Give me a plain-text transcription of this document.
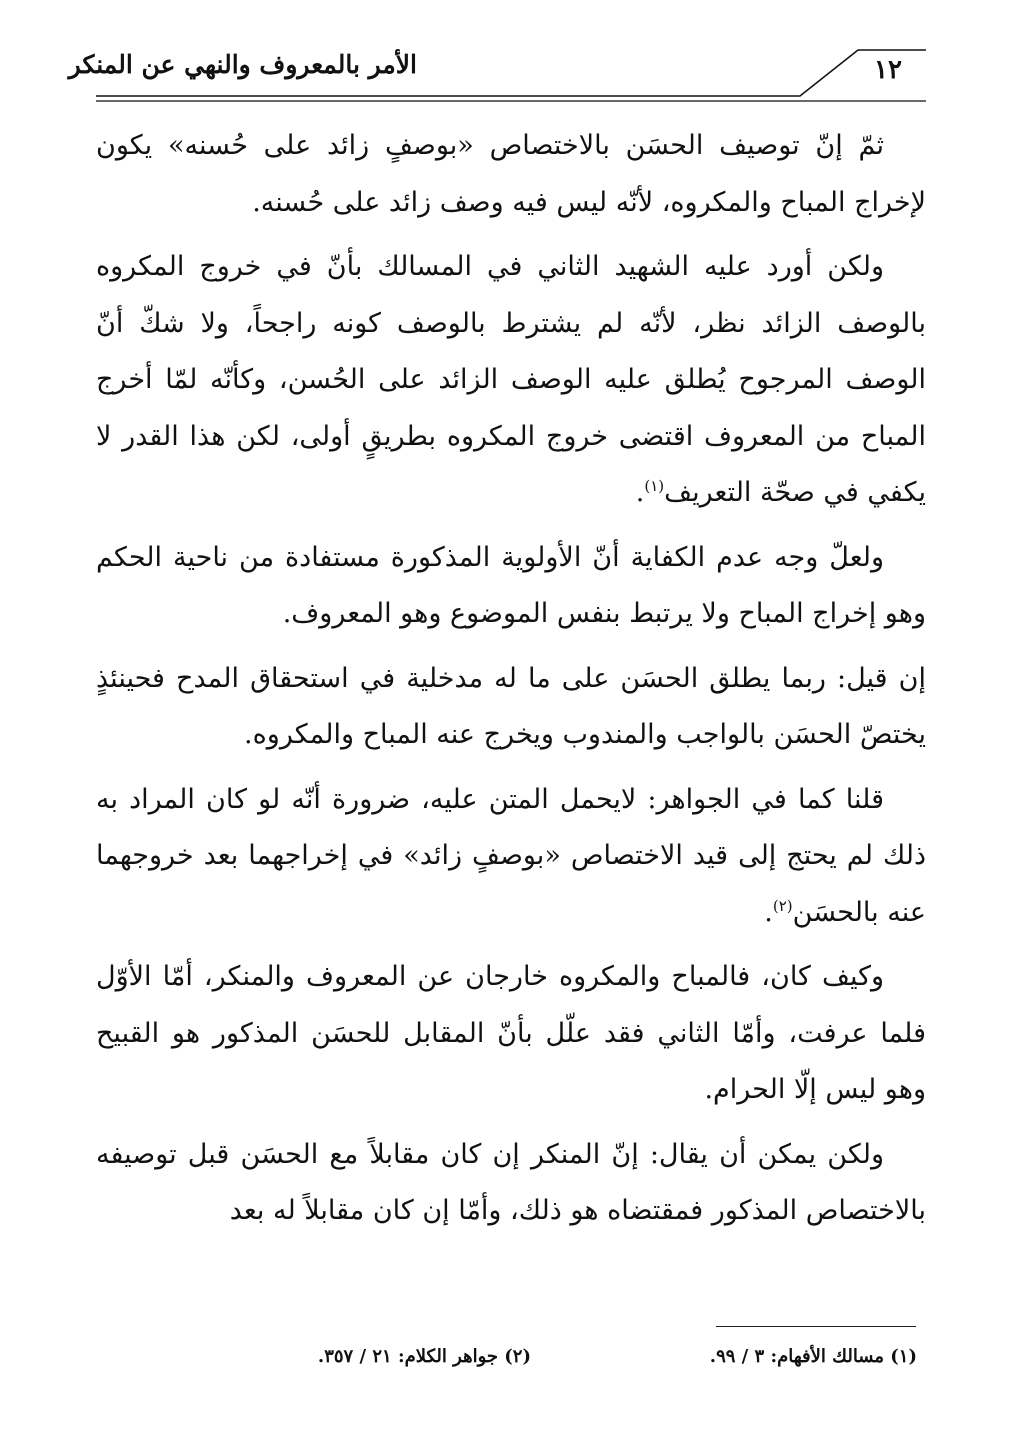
الأمر بالمعروف والنهي عن المنكر	١٢

ثمّ إنّ توصيف الحسَن بالاختصاص «بوصفٍ زائد على حُسنه» يكون لإخراج المباح والمكروه، لأنّه ليس فيه وصف زائد على حُسنه.

ولكن أورد عليه الشهيد الثاني في المسالك بأنّ في خروج المكروه بالوصف الزائد نظر، لأنّه لم يشترط بالوصف كونه راجحاً، ولا شكّ أنّ الوصف المرجوح يُطلق عليه الوصف الزائد على الحُسن، وكأنّه لمّا أخرج المباح من المعروف اقتضى خروج المكروه بطريقٍ أولى، لكن هذا القدر لا يكفي في صحّة التعريف$^{(١)}$.

ولعلّ وجه عدم الكفاية أنّ الأولوية المذكورة مستفادة من ناحية الحكم وهو إخراج المباح ولا يرتبط بنفس الموضوع وهو المعروف.

إن قيل: ربما يطلق الحسَن على ما له مدخلية في استحقاق المدح فحينئذٍ يختصّ الحسَن بالواجب والمندوب ويخرج عنه المباح والمكروه.

قلنا كما في الجواهر: لايحمل المتن عليه، ضرورة أنّه لو كان المراد به ذلك لم يحتج إلى قيد الاختصاص «بوصفٍ زائد» في إخراجهما بعد خروجهما عنه بالحسَن$^{(٢)}$.

وكيف كان، فالمباح والمكروه خارجان عن المعروف والمنكر، أمّا الأوّل فلما عرفت، وأمّا الثاني فقد علّل بأنّ المقابل للحسَن المذكور هو القبيح وهو ليس إلّا الحرام.

ولكن يمكن أن يقال: إنّ المنكر إن كان مقابلاً مع الحسَن قبل توصيفه بالاختصاص المذكور فمقتضاه هو ذلك، وأمّا إن كان مقابلاً له بعد

(١) مسالك الأفهام: ٣ / ٩٩.
(٢) جواهر الكلام: ٢١ / ٣٥٧.
